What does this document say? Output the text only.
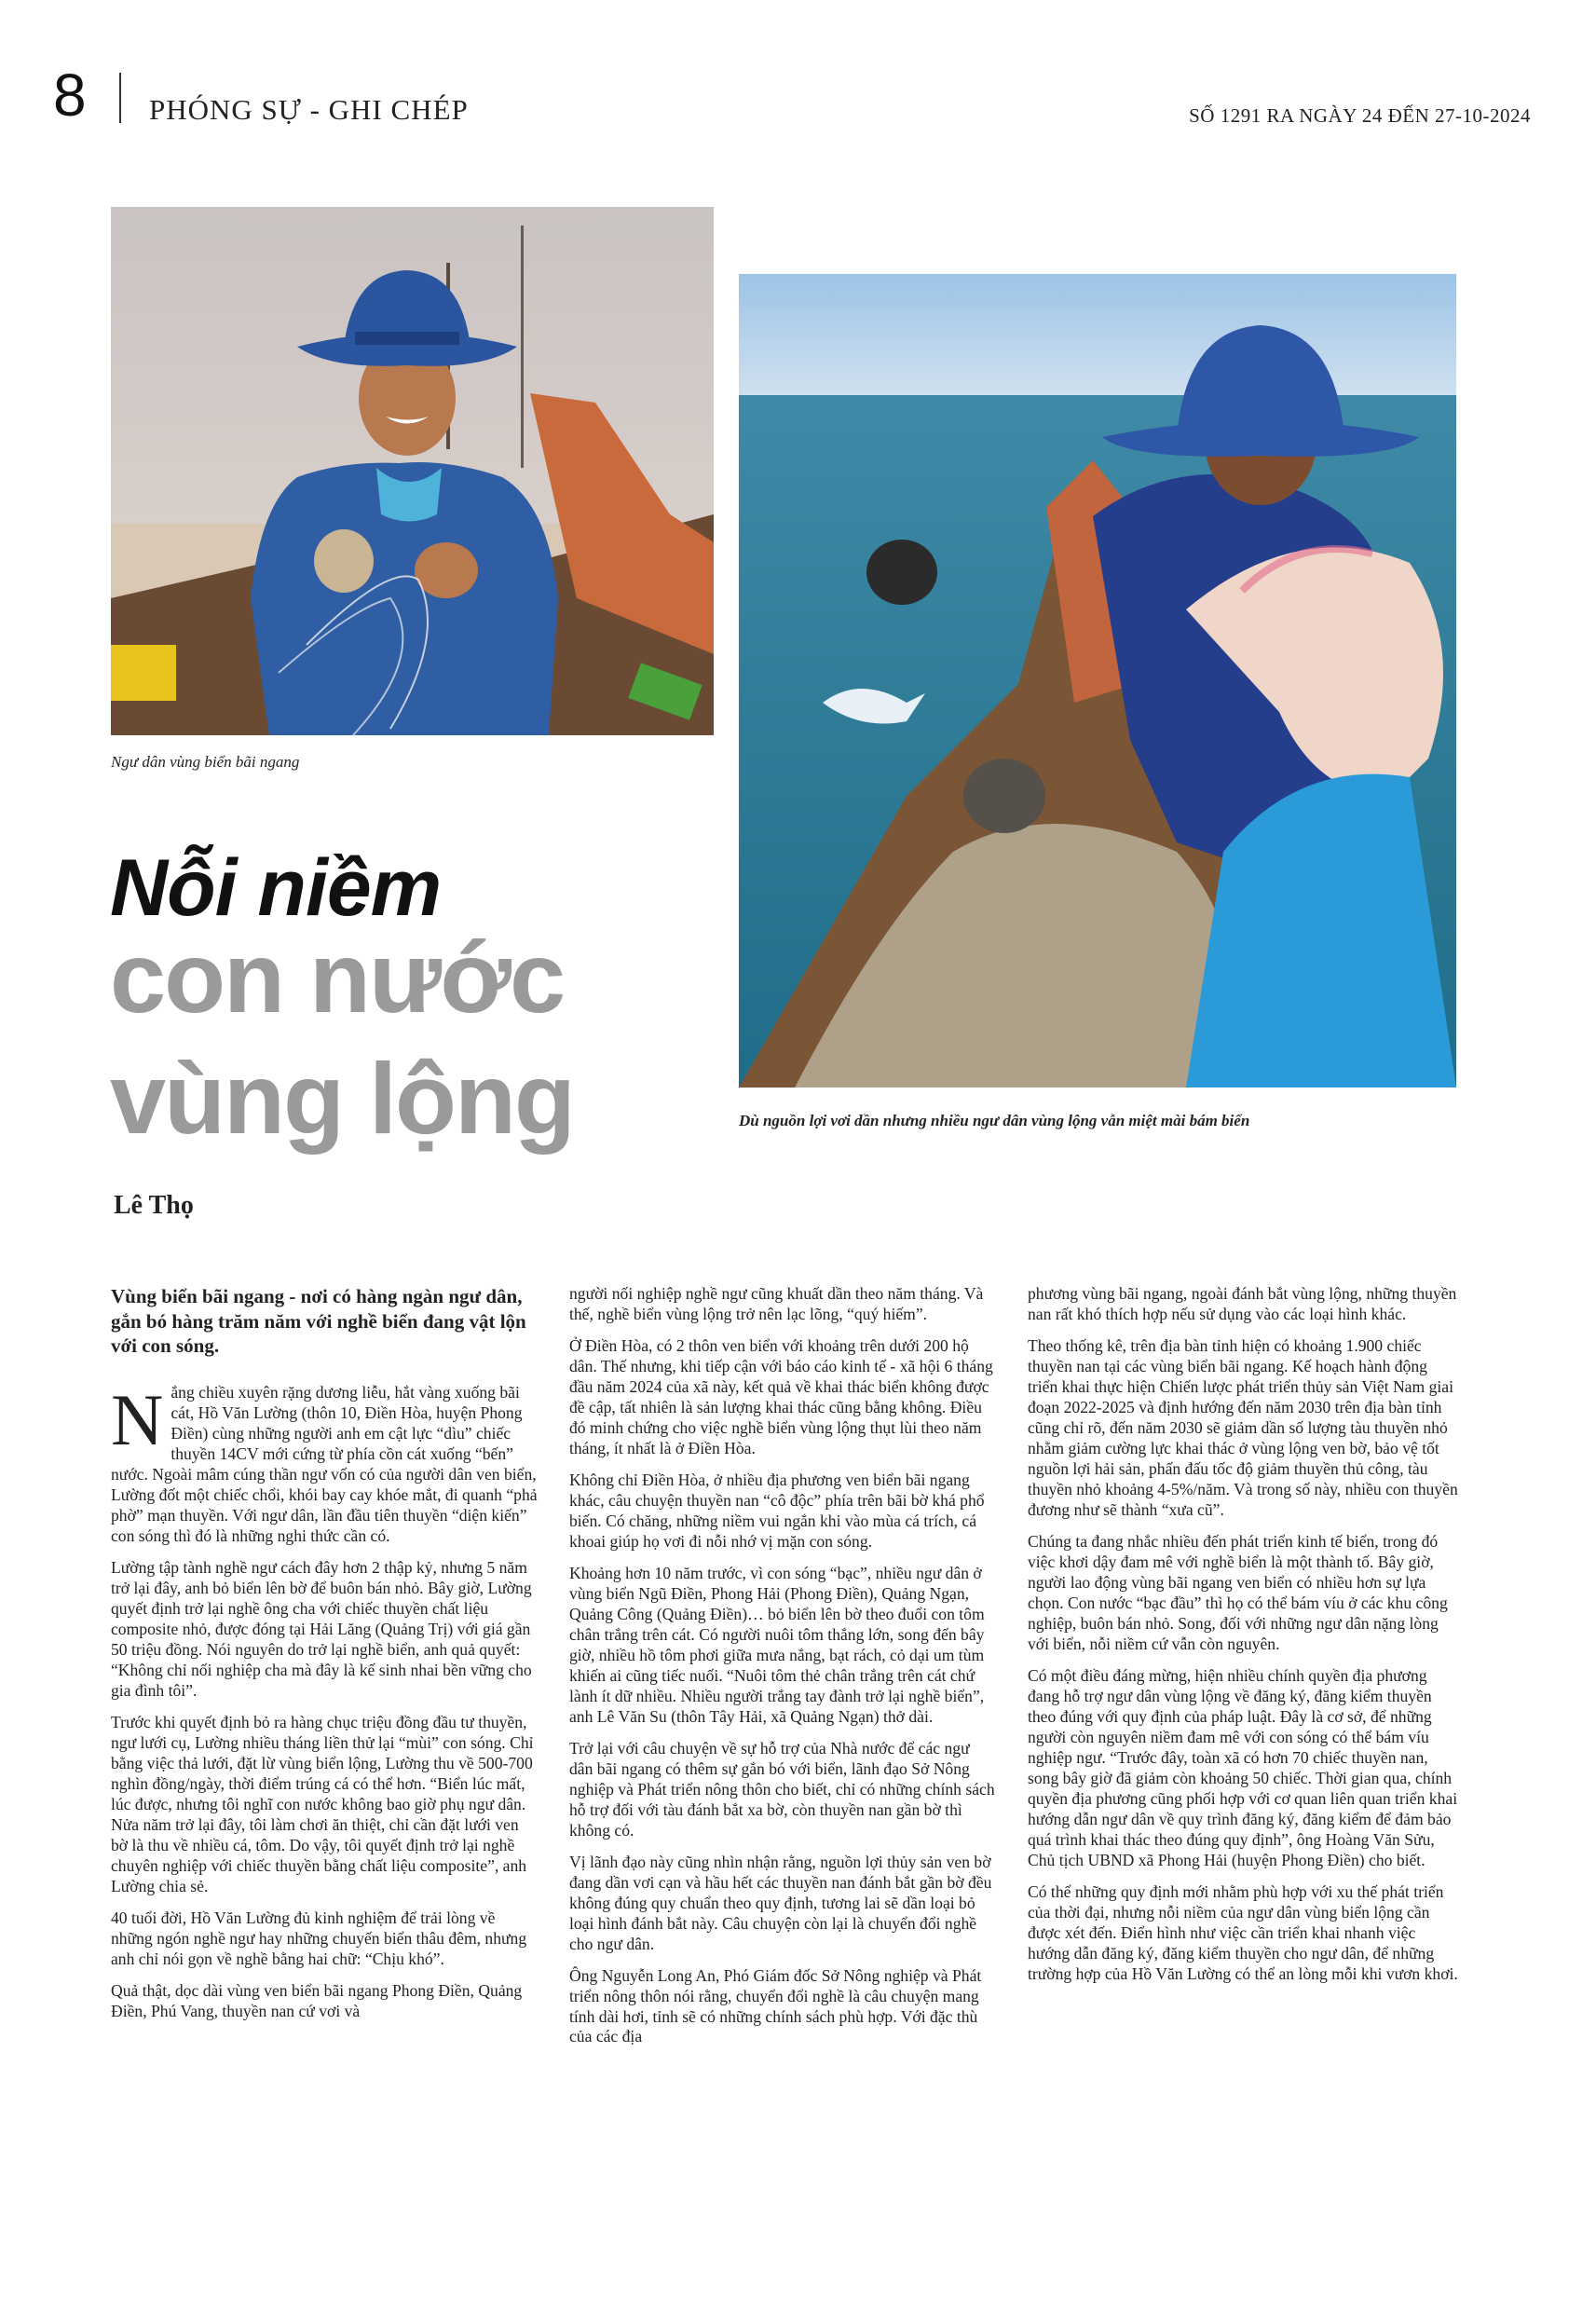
8 PHÓNG SỰ - GHI CHÉP	SỐ 1291 RA NGÀY 24 ĐẾN 27-10-2024
Ngư dân vùng biển bãi ngang
Dù nguồn lợi vơi dần nhưng nhiều ngư dân vùng lộng vẫn miệt mài bám biển
Nỗi niềm
con nước
vùng lộng
Lê Thọ

Vùng biển bãi ngang - nơi có hàng ngàn ngư dân, gắn bó hàng trăm năm với nghề biển đang vật lộn với con sóng.

Nắng chiều xuyên rặng dương liễu, hắt vàng xuống bãi cát, Hồ Văn Lường (thôn 10, Điền Hòa, huyện Phong Điền) cùng những người anh em cật lực “dìu” chiếc thuyền 14CV mới cứng từ phía cồn cát xuống “bến” nước. Ngoài mâm cúng thần ngư vốn có của người dân ven biển, Lường đốt một chiếc chổi, khói bay cay khóe mắt, đi quanh “phả phờ” mạn thuyền. Với ngư dân, lần đầu tiên thuyền “diện kiến” con sóng thì đó là những nghi thức cần có.

Lường tập tành nghề ngư cách đây hơn 2 thập kỷ, nhưng 5 năm trở lại đây, anh bỏ biển lên bờ để buôn bán nhỏ. Bây giờ, Lường quyết định trở lại nghề ông cha với chiếc thuyền chất liệu composite nhỏ, được đóng tại Hải Lăng (Quảng Trị) với giá gần 50 triệu đồng. Nói nguyên do trở lại nghề biển, anh quả quyết: “Không chỉ nối nghiệp cha mà đây là kế sinh nhai bền vững cho gia đình tôi”.

Trước khi quyết định bỏ ra hàng chục triệu đồng đầu tư thuyền, ngư lưới cụ, Lường nhiều tháng liền thử lại “mùi” con sóng. Chỉ bằng việc thả lưới, đặt lừ vùng biển lộng, Lường thu về 500-700 nghìn đồng/ngày, thời điểm trúng cá có thể hơn. “Biển lúc mất, lúc được, nhưng tôi nghĩ con nước không bao giờ phụ ngư dân. Nửa năm trở lại đây, tôi làm chơi ăn thiệt, chỉ cần đặt lưới ven bờ là thu về nhiều cá, tôm. Do vậy, tôi quyết định trở lại nghề chuyên nghiệp với chiếc thuyền bằng chất liệu composite”, anh Lường chia sẻ.

40 tuổi đời, Hồ Văn Lường đủ kinh nghiệm để trải lòng về những ngón nghề ngư hay những chuyến biển thâu đêm, nhưng anh chỉ nói gọn về nghề bằng hai chữ: “Chịu khó”.

Quả thật, dọc dài vùng ven biển bãi ngang Phong Điền, Quảng Điền, Phú Vang, thuyền nan cứ vơi và

người nối nghiệp nghề ngư cũng khuất dần theo năm tháng. Và thế, nghề biển vùng lộng trở nên lạc lõng, “quý hiếm”.

Ở Điền Hòa, có 2 thôn ven biển với khoảng trên dưới 200 hộ dân. Thế nhưng, khi tiếp cận với báo cáo kinh tế - xã hội 6 tháng đầu năm 2024 của xã này, kết quả về khai thác biển không được đề cập, tất nhiên là sản lượng khai thác cũng bằng không. Điều đó minh chứng cho việc nghề biển vùng lộng thụt lùi theo năm tháng, ít nhất là ở Điền Hòa.

Không chỉ Điền Hòa, ở nhiều địa phương ven biển bãi ngang khác, câu chuyện thuyền nan “cô độc” phía trên bãi bờ khá phổ biến. Có chăng, những niềm vui ngắn khi vào mùa cá trích, cá khoai giúp họ vơi đi nỗi nhớ vị mặn con sóng.

Khoảng hơn 10 năm trước, vì con sóng “bạc”, nhiều ngư dân ở vùng biển Ngũ Điền, Phong Hải (Phong Điền), Quảng Ngạn, Quảng Công (Quảng Điền)… bỏ biển lên bờ theo đuổi con tôm chân trắng trên cát. Có người nuôi tôm thắng lớn, song đến bây giờ, nhiều hồ tôm phơi giữa mưa nắng, bạt rách, cỏ dại um tùm khiến ai cũng tiếc nuối. “Nuôi tôm thẻ chân trắng trên cát chứ lành ít dữ nhiều. Nhiều người trắng tay đành trở lại nghề biển”, anh Lê Văn Su (thôn Tây Hải, xã Quảng Ngạn) thở dài.

Trở lại với câu chuyện về sự hỗ trợ của Nhà nước để các ngư dân bãi ngang có thêm sự gắn bó với biển, lãnh đạo Sở Nông nghiệp và Phát triển nông thôn cho biết, chỉ có những chính sách hỗ trợ đối với tàu đánh bắt xa bờ, còn thuyền nan gần bờ thì không có.

Vị lãnh đạo này cũng nhìn nhận rằng, nguồn lợi thủy sản ven bờ đang dần vơi cạn và hầu hết các thuyền nan đánh bắt gần bờ đều không đúng quy chuẩn theo quy định, tương lai sẽ dần loại bỏ loại hình đánh bắt này. Câu chuyện còn lại là chuyển đổi nghề cho ngư dân.

Ông Nguyễn Long An, Phó Giám đốc Sở Nông nghiệp và Phát triển nông thôn nói rằng, chuyển đổi nghề là câu chuyện mang tính dài hơi, tỉnh sẽ có những chính sách phù hợp. Với đặc thù của các địa

phương vùng bãi ngang, ngoài đánh bắt vùng lộng, những thuyền nan rất khó thích hợp nếu sử dụng vào các loại hình khác.

Theo thống kê, trên địa bàn tỉnh hiện có khoảng 1.900 chiếc thuyền nan tại các vùng biển bãi ngang. Kế hoạch hành động triển khai thực hiện Chiến lược phát triển thủy sản Việt Nam giai đoạn 2022-2025 và định hướng đến năm 2030 trên địa bàn tỉnh cũng chỉ rõ, đến năm 2030 sẽ giảm dần số lượng tàu thuyền nhỏ nhằm giảm cường lực khai thác ở vùng lộng ven bờ, bảo vệ tốt nguồn lợi hải sản, phấn đấu tốc độ giảm thuyền thủ công, tàu thuyền nhỏ khoảng 4-5%/năm. Và trong số này, nhiều con thuyền đương như sẽ thành “xưa cũ”.

Chúng ta đang nhắc nhiều đến phát triển kinh tế biển, trong đó việc khơi dậy đam mê với nghề biển là một thành tố. Bây giờ, người lao động vùng bãi ngang ven biển có nhiều hơn sự lựa chọn. Con nước “bạc đầu” thì họ có thể bám víu ở các khu công nghiệp, buôn bán nhỏ. Song, đối với những ngư dân nặng lòng với biển, nỗi niềm cứ vẫn còn nguyên.

Có một điều đáng mừng, hiện nhiều chính quyền địa phương đang hỗ trợ ngư dân vùng lộng về đăng ký, đăng kiểm thuyền theo đúng với quy định của pháp luật. Đây là cơ sở, để những người còn nguyên niềm đam mê với con sóng có thể bám víu nghiệp ngư. “Trước đây, toàn xã có hơn 70 chiếc thuyền nan, song bây giờ đã giảm còn khoảng 50 chiếc. Thời gian qua, chính quyền địa phương cũng phối hợp với cơ quan liên quan triển khai hướng dẫn ngư dân về quy trình đăng ký, đăng kiểm để đảm bảo quá trình khai thác theo đúng quy định”, ông Hoàng Văn Sửu, Chủ tịch UBND xã Phong Hải (huyện Phong Điền) cho biết.

Có thể những quy định mới nhằm phù hợp với xu thế phát triển của thời đại, nhưng nỗi niềm của ngư dân vùng biển lộng cần được xét đến. Điển hình như việc cần triển khai nhanh việc hướng dẫn đăng ký, đăng kiểm thuyền cho ngư dân, để những trường hợp của Hồ Văn Lường có thể an lòng mỗi khi vươn khơi.
